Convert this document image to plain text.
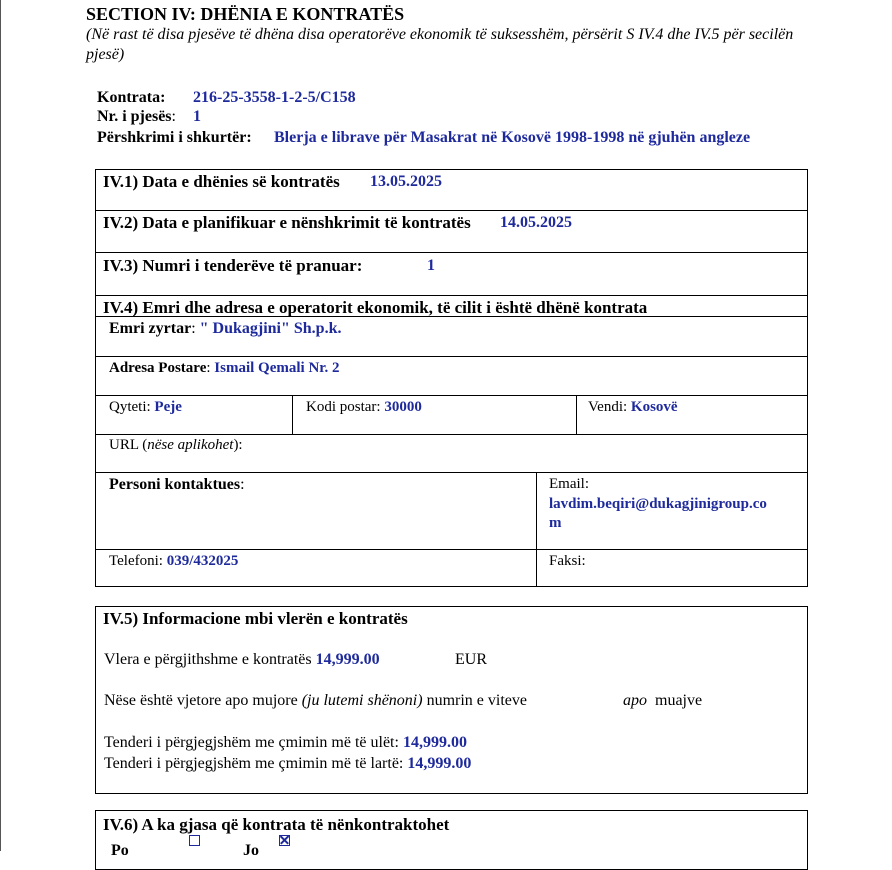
SECTION IV: DHËNIA E KONTRATËS
(Në rast të disa pjesëve të dhëna disa operatorëve ekonomik të suksesshëm, përsërit S IV.4 dhe IV.5 për secilën pjesë)
Kontrata: 216-25-3558-1-2-5/C158
Nr. i pjesës: 1
Përshkrimi i shkurtër: Blerja e librave për Masakrat në Kosovë 1998-1998 në gjuhën angleze
IV.1) Data e dhënies së kontratës 13.05.2025
IV.2) Data e planifikuar e nënshkrimit të kontratës 14.05.2025
IV.3) Numri i tenderëve të pranuar:	1
IV.4) Emri dhe adresa e operatorit ekonomik, të cilit i është dhënë kontrata
Emri zyrtar: " Dukagjini" Sh.p.k.
Adresa Postare: Ismail Qemali Nr. 2
Qyteti: Peje	Kodi postar: 30000	Vendi: Kosovë
URL (nëse aplikohet):
Personi kontaktues:	Email:
lavdim.beqiri@dukagjinigroup.co
m
Telefoni: 039/432025	Faksi:
IV.5) Informacione mbi vlerën e kontratës
Vlera e përgjithshme e kontratës 14,999.00	EUR
Nëse është vjetore apo mujore (ju lutemi shënoni) numrin e viteve	apo muajve
Tenderi i përgjegjshëm me çmimin më të ulët: 14,999.00
Tenderi i përgjegjshëm me çmimin më të lartë: 14,999.00
IV.6) A ka gjasa që kontrata të nënkontraktohet
Po	Jo
